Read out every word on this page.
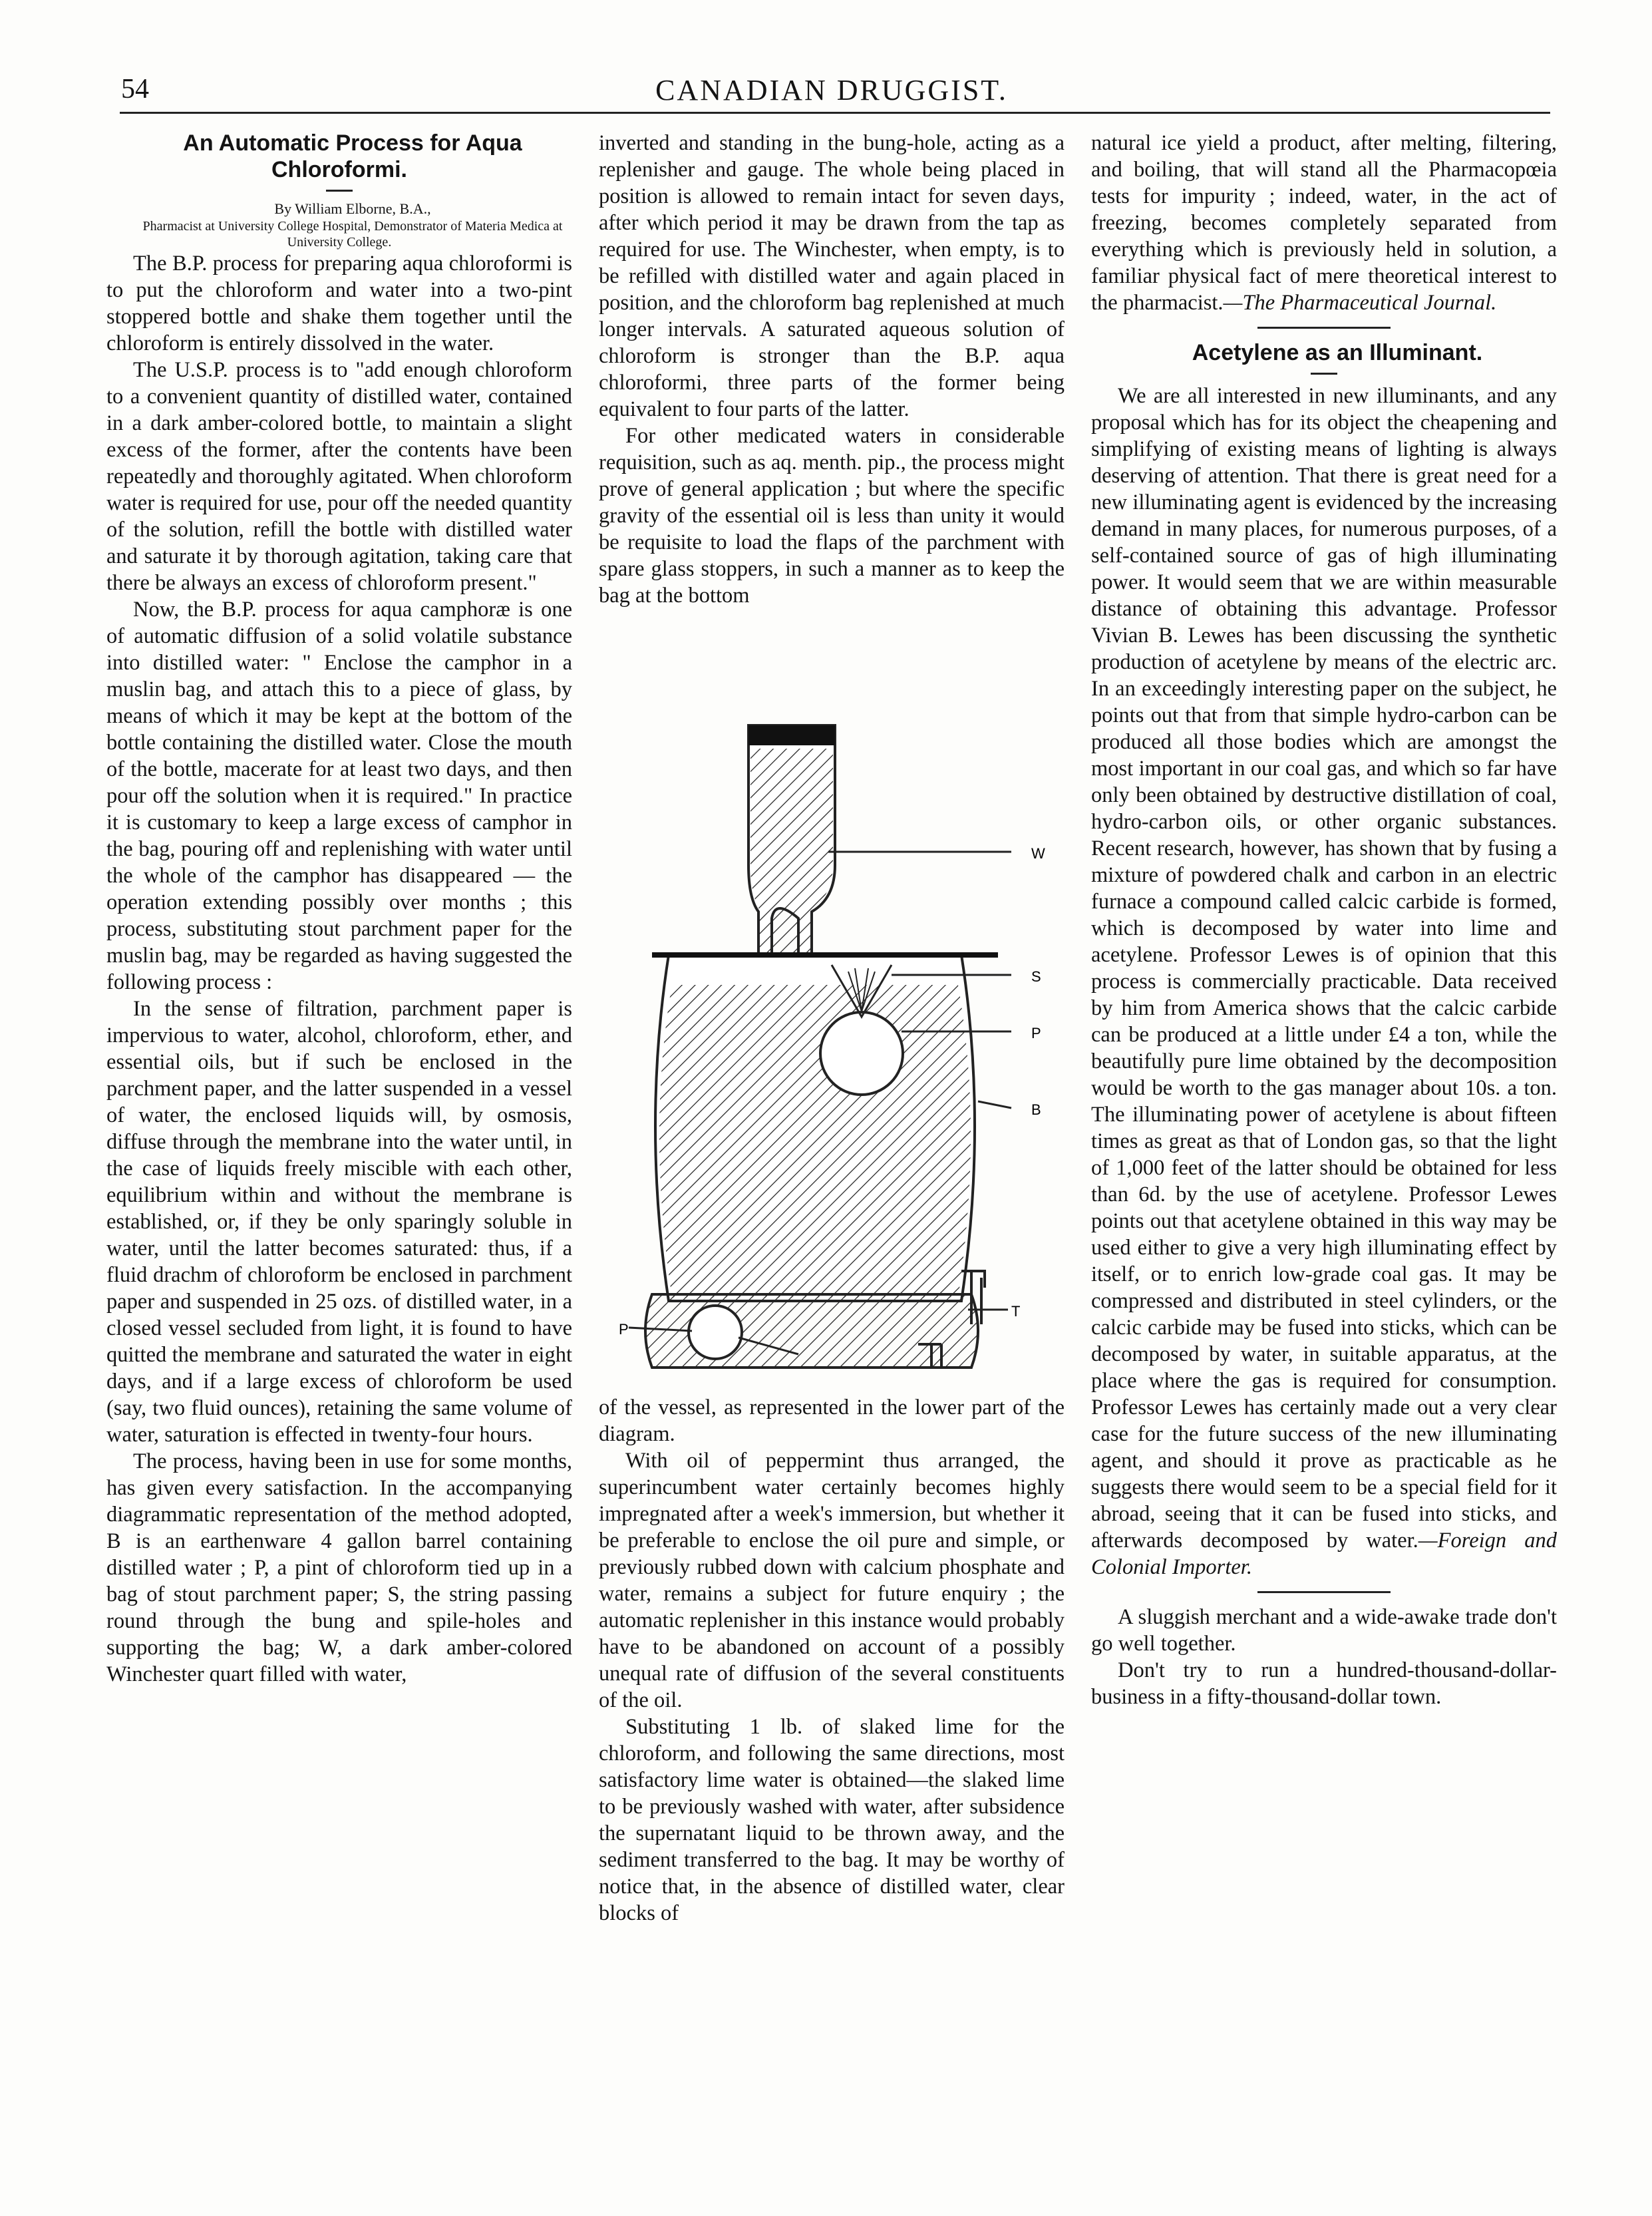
54	CANADIAN DRUGGIST.

An Automatic Process for Aqua Chloroformi.

By William Elborne, B.A.,

Pharmacist at University College Hospital, Demonstrator of Materia Medica at University College.

The B.P. process for preparing aqua chloroformi is to put the chloroform and water into a two-pint stoppered bottle and shake them together until the chloroform is entirely dissolved in the water.

The U.S.P. process is to "add enough chloroform to a convenient quantity of distilled water, contained in a dark amber-colored bottle, to maintain a slight excess of the former, after the contents have been repeatedly and thoroughly agitated. When chloroform water is required for use, pour off the needed quantity of the solution, refill the bottle with distilled water and saturate it by thorough agitation, taking care that there be always an excess of chloroform present."

Now, the B.P. process for aqua camphoræ is one of automatic diffusion of a solid volatile substance into distilled water: " Enclose the camphor in a muslin bag, and attach this to a piece of glass, by means of which it may be kept at the bottom of the bottle containing the distilled water. Close the mouth of the bottle, macerate for at least two days, and then pour off the solution when it is required." In practice it is customary to keep a large excess of camphor in the bag, pouring off and replenishing with water until the whole of the camphor has disappeared — the operation extending possibly over months ; this process, substituting stout parchment paper for the muslin bag, may be regarded as having suggested the following process :

In the sense of filtration, parchment paper is impervious to water, alcohol, chloroform, ether, and essential oils, but if such be enclosed in the parchment paper, and the latter suspended in a vessel of water, the enclosed liquids will, by osmosis, diffuse through the membrane into the water until, in the case of liquids freely miscible with each other, equilibrium within and without the membrane is established, or, if they be only sparingly soluble in water, until the latter becomes saturated: thus, if a fluid drachm of chloroform be enclosed in parchment paper and suspended in 25 ozs. of distilled water, in a closed vessel secluded from light, it is found to have quitted the membrane and saturated the water in eight days, and if a large excess of chloroform be used (say, two fluid ounces), retaining the same volume of water, saturation is effected in twenty-four hours.

The process, having been in use for some months, has given every satisfaction. In the accompanying diagrammatic representation of the method adopted, B is an earthenware 4 gallon barrel containing distilled water ; P, a pint of chloroform tied up in a bag of stout parchment paper; S, the string passing round through the bung and spile-holes and supporting the bag; W, a dark amber-colored Winchester quart filled with water,

inverted and standing in the bung-hole, acting as a replenisher and gauge. The whole being placed in position is allowed to remain intact for seven days, after which period it may be drawn from the tap as required for use. The Winchester, when empty, is to be refilled with distilled water and again placed in position, and the chloroform bag replenished at much longer intervals. A saturated aqueous solution of chloroform is stronger than the B.P. aqua chloroformi, three parts of the former being equivalent to four parts of the latter.

For other medicated waters in considerable requisition, such as aq. menth. pip., the process might prove of general application ; but where the specific gravity of the essential oil is less than unity it would be requisite to load the flaps of the parchment with spare glass stoppers, in such a manner as to keep the bag at the bottom

W
S
P
B
P
T

of the vessel, as represented in the lower part of the diagram.

With oil of peppermint thus arranged, the superincumbent water certainly becomes highly impregnated after a week's immersion, but whether it be preferable to enclose the oil pure and simple, or previously rubbed down with calcium phosphate and water, remains a subject for future enquiry ; the automatic replenisher in this instance would probably have to be abandoned on account of a possibly unequal rate of diffusion of the several constituents of the oil.

Substituting 1 lb. of slaked lime for the chloroform, and following the same directions, most satisfactory lime water is obtained—the slaked lime to be previously washed with water, after subsidence the supernatant liquid to be thrown away, and the sediment transferred to the bag. It may be worthy of notice that, in the absence of distilled water, clear blocks of

natural ice yield a product, after melting, filtering, and boiling, that will stand all the Pharmacopœia tests for impurity ; indeed, water, in the act of freezing, becomes completely separated from everything which is previously held in solution, a familiar physical fact of mere theoretical interest to the pharmacist.—The Pharmaceutical Journal.

Acetylene as an Illuminant.

We are all interested in new illuminants, and any proposal which has for its object the cheapening and simplifying of existing means of lighting is always deserving of attention. That there is great need for a new illuminating agent is evidenced by the increasing demand in many places, for numerous purposes, of a self-contained source of gas of high illuminating power. It would seem that we are within measurable distance of obtaining this advantage. Professor Vivian B. Lewes has been discussing the synthetic production of acetylene by means of the electric arc. In an exceedingly interesting paper on the subject, he points out that from that simple hydro-carbon can be produced all those bodies which are amongst the most important in our coal gas, and which so far have only been obtained by destructive distillation of coal, hydro-carbon oils, or other organic substances. Recent research, however, has shown that by fusing a mixture of powdered chalk and carbon in an electric furnace a compound called calcic carbide is formed, which is decomposed by water into lime and acetylene. Professor Lewes is of opinion that this process is commercially practicable. Data received by him from America shows that the calcic carbide can be produced at a little under £4 a ton, while the beautifully pure lime obtained by the decomposition would be worth to the gas manager about 10s. a ton. The illuminating power of acetylene is about fifteen times as great as that of London gas, so that the light of 1,000 feet of the latter should be obtained for less than 6d. by the use of acetylene. Professor Lewes points out that acetylene obtained in this way may be used either to give a very high illuminating effect by itself, or to enrich low-grade coal gas. It may be compressed and distributed in steel cylinders, or the calcic carbide may be fused into sticks, which can be decomposed by water, in suitable apparatus, at the place where the gas is required for consumption. Professor Lewes has certainly made out a very clear case for the future success of the new illuminating agent, and should it prove as practicable as he suggests there would seem to be a special field for it abroad, seeing that it can be fused into sticks, and afterwards decomposed by water.—Foreign and Colonial Importer.

A sluggish merchant and a wide-awake trade don't go well together.

Don't try to run a hundred-thousand-dollar-business in a fifty-thousand-dollar town.
